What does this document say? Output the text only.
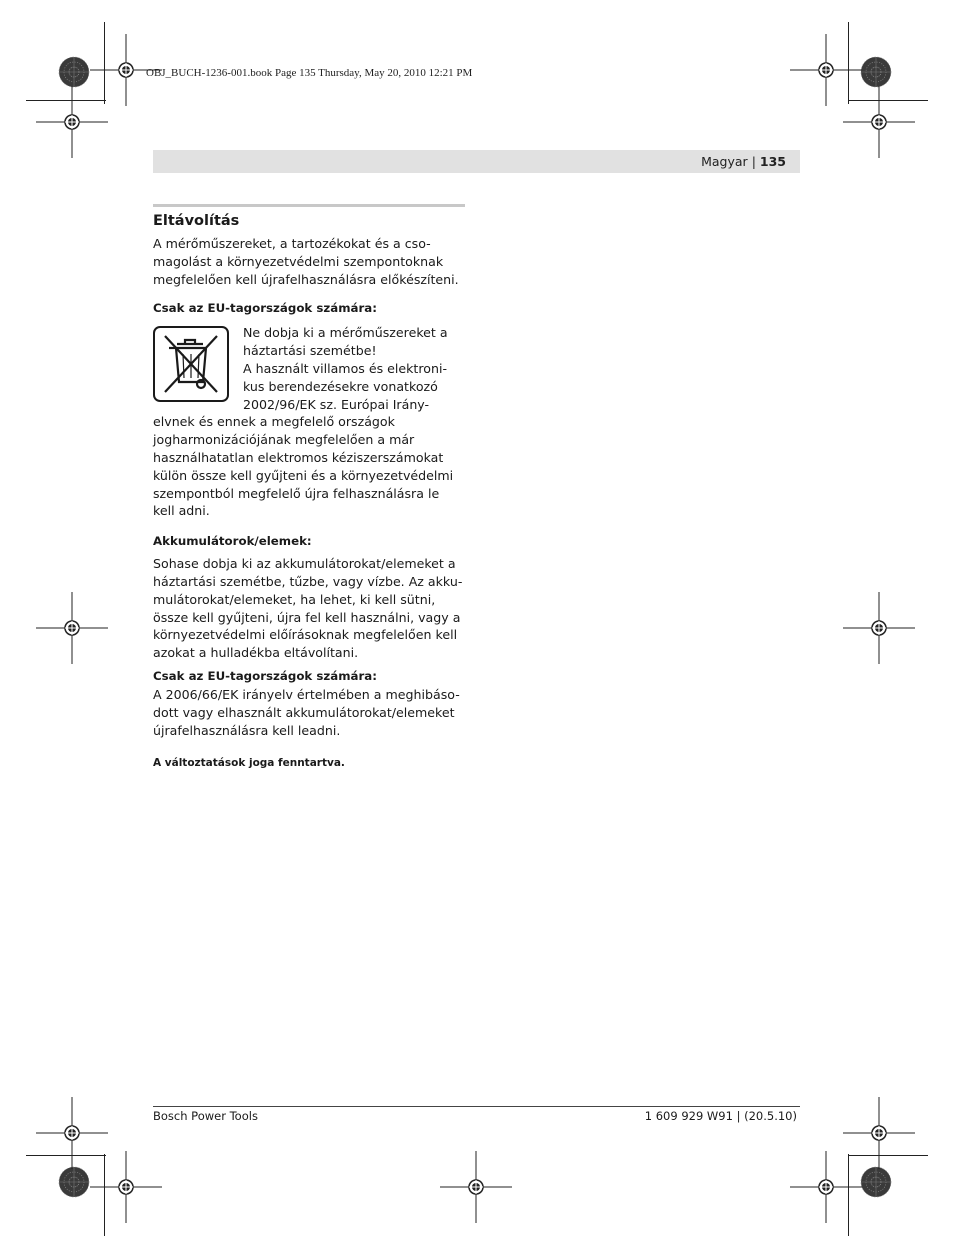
OBJ_BUCH-1236-001.book Page 135 Thursday, May 20, 2010 12:21 PM
Magyar | 135
Eltávolítás
A mérőműszereket, a tartozékokat és a cso-
magolást a környezetvédelmi szempontoknak
megfelelően kell újrafelhasználásra előkészíteni.
Csak az EU-tagországok számára:
Ne dobja ki a mérőműszereket a
háztartási szemétbe!
A használt villamos és elektroni-
kus berendezésekre vonatkozó
2002/96/EK sz. Európai Irány-
elvnek és ennek a megfelelő országok
jogharmonizációjának megfelelően a már
használhatatlan elektromos kéziszerszámokat
külön össze kell gyűjteni és a környezetvédelmi
szempontból megfelelő újra felhasználásra le
kell adni.
Akkumulátorok/elemek:
Sohase dobja ki az akkumulátorokat/elemeket a
háztartási szemétbe, tűzbe, vagy vízbe. Az akku-
mulátorokat/elemeket, ha lehet, ki kell sütni,
össze kell gyűjteni, újra fel kell használni, vagy a
környezetvédelmi előírásoknak megfelelően kell
azokat a hulladékba eltávolítani.
Csak az EU-tagországok számára:
A 2006/66/EK irányelv értelmében a meghibáso-
dott vagy elhasznált akkumulátorokat/elemeket
újrafelhasználásra kell leadni.
A változtatások joga fenntartva.
Bosch Power Tools	1 609 929 W91 | (20.5.10)
